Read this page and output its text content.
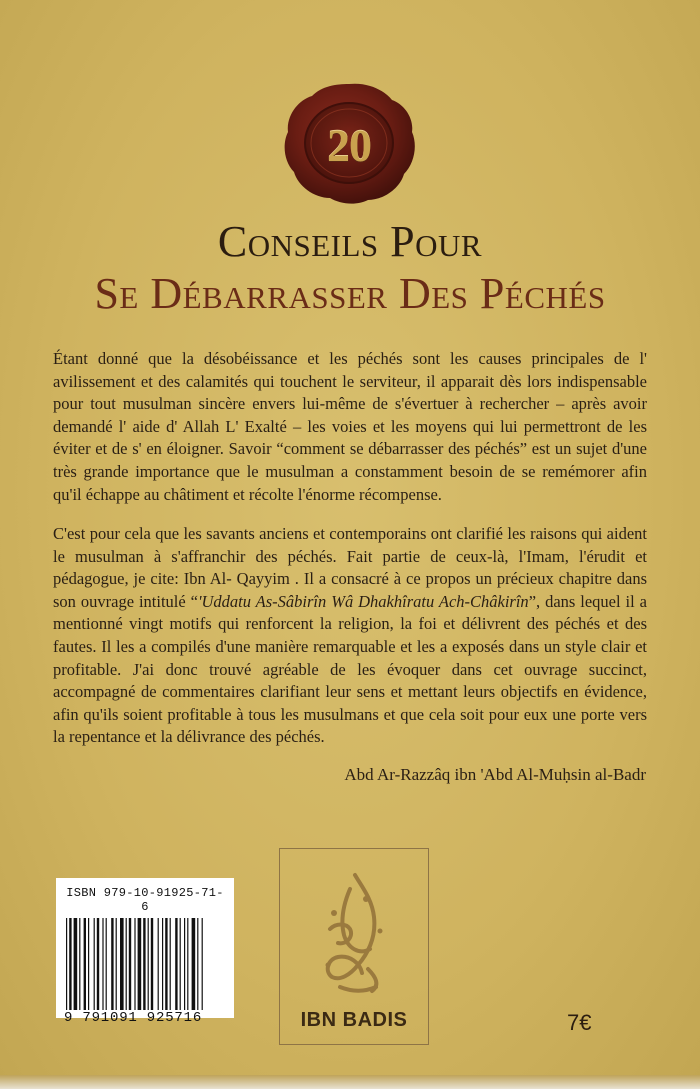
20
Conseils Pour
Se Débarrasser Des Péchés

Étant donné que la désobéissance et les péchés sont les causes principales de l' avilissement et des calamités qui touchent le serviteur, il apparait dès lors indispensable pour tout musulman sincère envers lui-même de s'évertuer à rechercher – après avoir demandé l' aide d' Allah L' Exalté – les voies et les moyens qui lui permettront de les éviter et de s' en éloigner. Savoir “comment se débarrasser des péchés” est un sujet d'une très grande importance que le musulman a constamment besoin de se remémorer afin qu'il échappe au châtiment et récolte l'énorme récompense.

C'est pour cela que les savants anciens et contemporains ont clarifié les raisons qui aident le musulman à s'affranchir des péchés. Fait partie de ceux-là, l'Imam, l'érudit et pédagogue, je cite: Ibn Al- Qayyim . Il a consacré à ce propos un précieux chapitre dans son ouvrage intitulé “'Uddatu As-Sâbirîn Wâ Dhakhîratu Ach-Châkirîn”, dans lequel il a mentionné vingt motifs qui renforcent la religion, la foi et délivrent des péchés et des fautes. Il les a compilés d'une manière remarquable et les a exposés dans un style clair et profitable. J'ai donc trouvé agréable de les évoquer dans cet ouvrage succinct, accompagné de commentaires clarifiant leur sens et mettant leurs objectifs en évidence, afin qu'ils soient profitable à tous les musulmans et que cela soit pour eux une porte vers la repentance et la délivrance des péchés.

Abd Ar-Razzâq ibn 'Abd Al-Muḥsin al-Badr
ISBN 979-10-91925-71-6
9 791091 925716	IBN BADIS	7€
